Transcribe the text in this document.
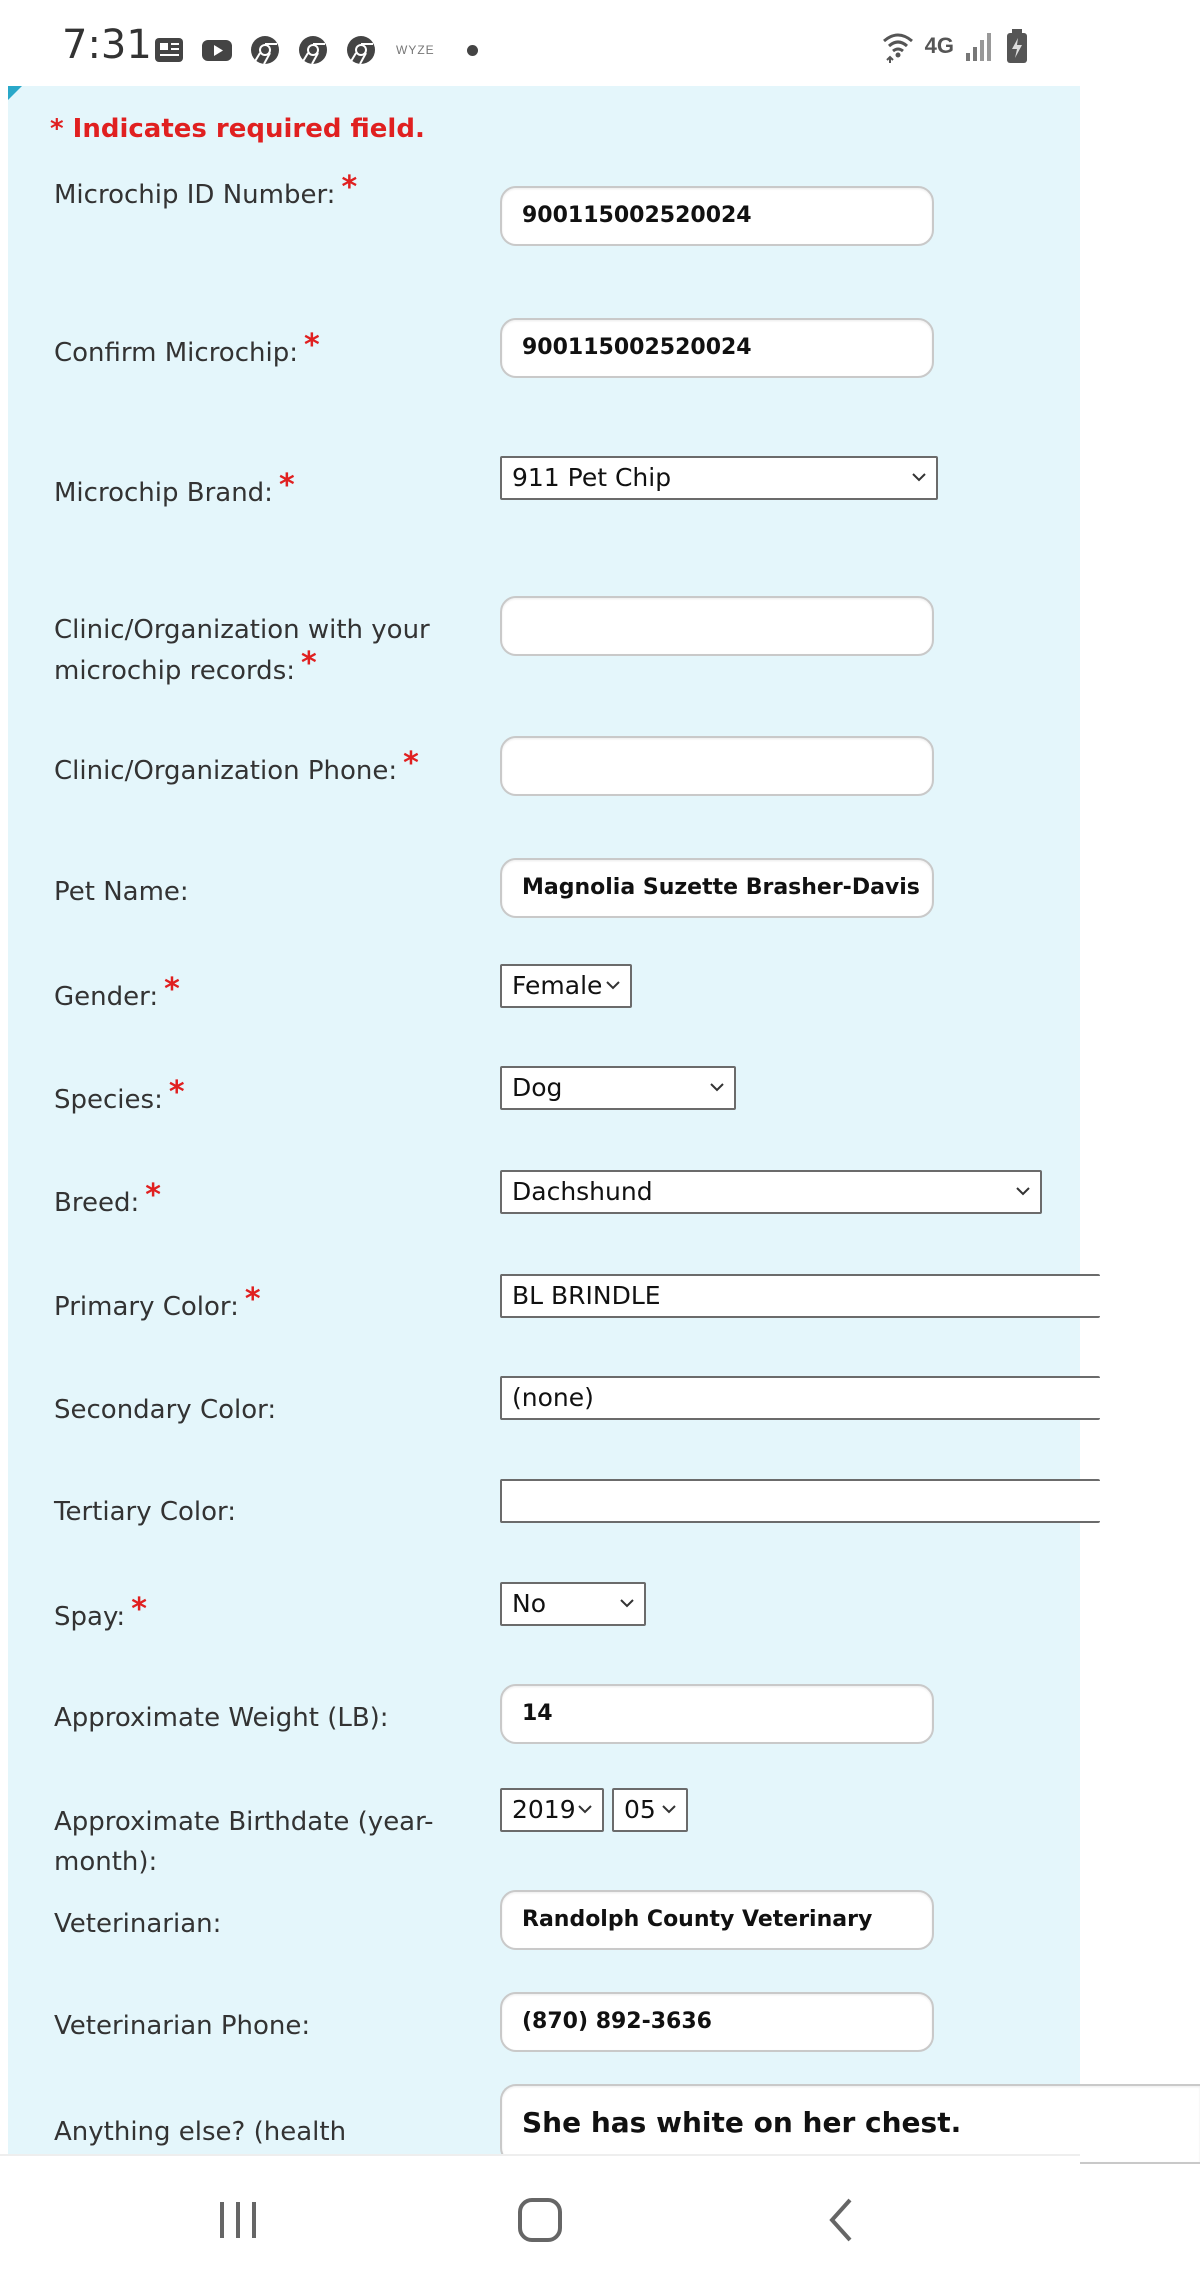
7:31	WYZE	4G
* Indicates required field.
Microchip ID Number: *
900115002520024
Confirm Microchip: *	900115002520024
Microchip Brand: *	911 Pet Chip
Clinic/Organization with your
microchip records: *
Clinic/Organization Phone: *
Pet Name:	Magnolia Suzette Brasher-Davis
Gender: *	Female
Species: *	Dog
Breed: *	Dachshund
Primary Color: *	BL BRINDLE
Secondary Color:	(none)
Tertiary Color:
Spay: *	No
Approximate Weight (LB):	14
Approximate Birthdate (year-
month):
2019	05
Veterinarian:	Randolph County Veterinary
Veterinarian Phone:	(870) 892-3636
Anything else? (health	She has white on her chest.
